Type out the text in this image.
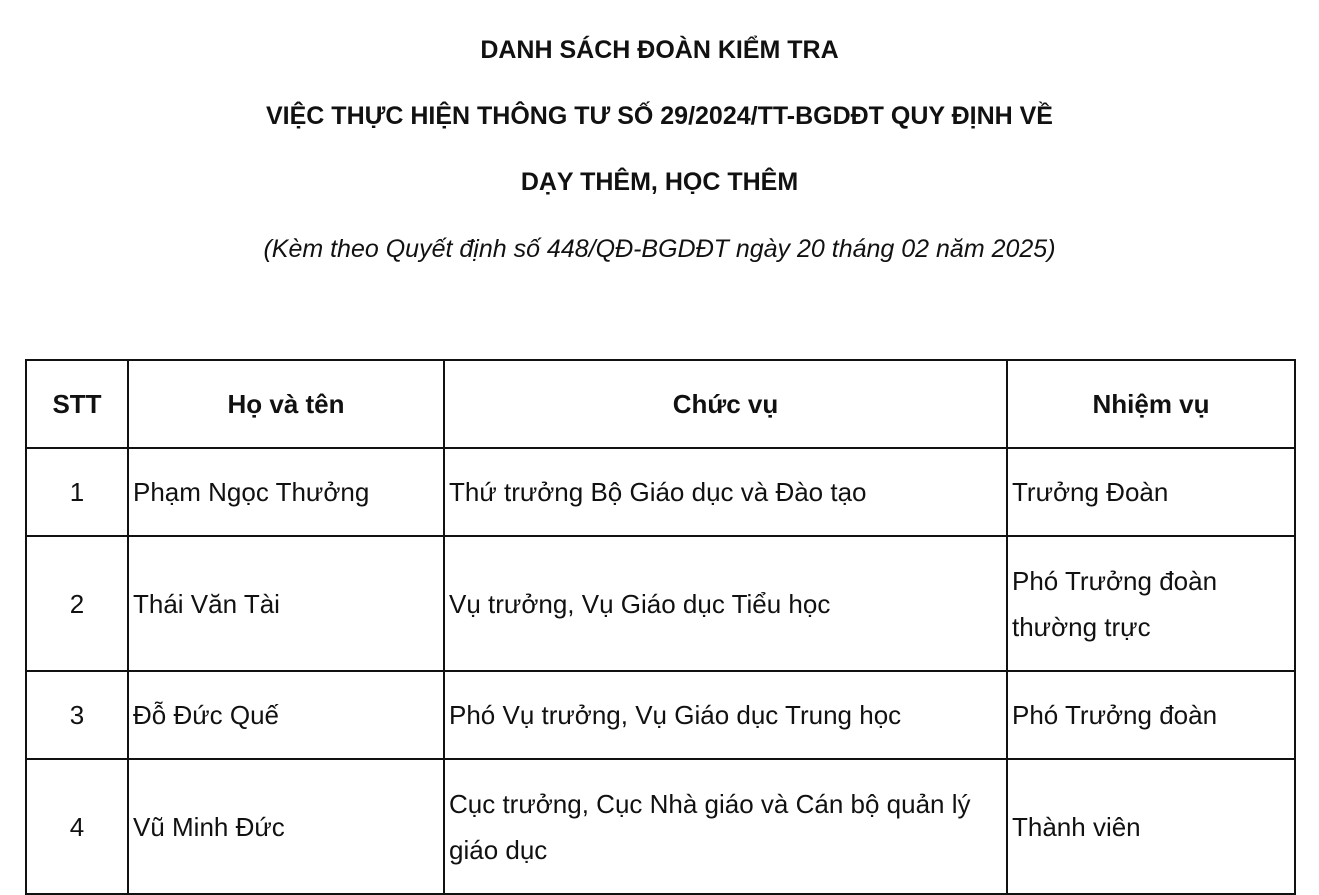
DANH SÁCH ĐOÀN KIỂM TRA
VIỆC THỰC HIỆN THÔNG TƯ SỐ 29/2024/TT-BGDĐT QUY ĐỊNH VỀ
DẠY THÊM, HỌC THÊM
(Kèm theo Quyết định số 448/QĐ-BGDĐT ngày 20 tháng 02 năm 2025)
STT	Họ và tên	Chức vụ	Nhiệm vụ
1	Phạm Ngọc Thưởng	Thứ trưởng Bộ Giáo dục và Đào tạo	Trưởng Đoàn
2	Thái Văn Tài	Vụ trưởng, Vụ Giáo dục Tiểu học	Phó Trưởng đoàn thường trực
3	Đỗ Đức Quế	Phó Vụ trưởng, Vụ Giáo dục Trung học	Phó Trưởng đoàn
4	Vũ Minh Đức	Cục trưởng, Cục Nhà giáo và Cán bộ quản lý giáo dục	Thành viên
